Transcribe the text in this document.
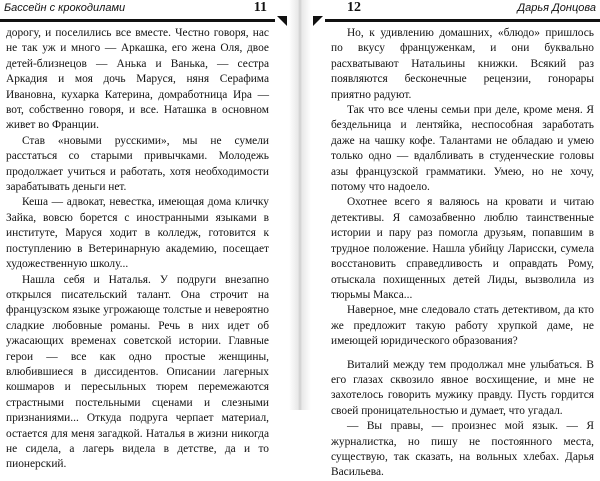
Бассейн с крокодилами	11

дорогу, и поселились все вместе. Честно говоря, нас не так уж и много — Аркашка, его жена Оля, двое детей-близнецов — Анька и Ванька, — сестра Аркадия и моя дочь Маруся, няня Серафима Ивановна, кухарка Катерина, домработница Ира — вот, собственно говоря, и все. Наташка в основном живет во Франции.

Став «новыми русскими», мы не сумели расстаться со старыми привычками. Молодежь продолжает учиться и работать, хотя необходимости зарабатывать деньги нет.

Кеша — адвокат, невестка, имеющая дома кличку Зайка, вовсю борется с иностранными языками в институте, Маруся ходит в колледж, готовится к поступлению в Ветеринарную академию, посещает художественную школу...

Нашла себя и Наталья. У подруги внезапно открылся писательский талант. Она строчит на французском языке угрожающе толстые и невероятно сладкие любовные романы. Речь в них идет об ужасающих временах советской истории. Главные герои — все как одно простые женщины, влюбившиеся в диссидентов. Описании лагерных кошмаров и пересыльных тюрем перемежаются страстными постельными сценами и слезными признаниями... Откуда подруга черпает материал, остается для меня загадкой. Наталья в жизни никогда не сидела, а лагерь видела в детстве, да и то пионерский.

12	Дарья Донцова

Но, к удивлению домашних, «блюдо» пришлось по вкусу француженкам, и они буквально расхватывают Натальины книжки. Всякий раз появляются бесконечные рецензии, гонорары приятно радуют.

Так что все члены семьи при деле, кроме меня. Я бездельница и лентяйка, неспособная заработать даже на чашку кофе. Талантами не обладаю и умею только одно — вдалбливать в студенческие головы азы французской грамматики. Умею, но не хочу, потому что надоело.

Охотнее всего я валяюсь на кровати и читаю детективы. Я самозабвенно люблю таинственные истории и пару раз помогла друзьям, попавшим в трудное положение. Нашла убийцу Ларисски, сумела восстановить справедливость и оправдать Рому, отыскала похищенных детей Лиды, вызволила из тюрьмы Макса...

Наверное, мне следовало стать детективом, да кто же предложит такую работу хрупкой даме, не имеющей юридического образования?

Виталий между тем продолжал мне улыбаться. В его глазах сквозило явное восхищение, и мне не захотелось говорить мужику правду. Пусть гордится своей проницательностью и думает, что угадал.

— Вы правы, — произнес мой язык. — Я журналистка, но пишу не постоянного места, существую, так сказать, на вольных хлебах. Дарья Васильева.
